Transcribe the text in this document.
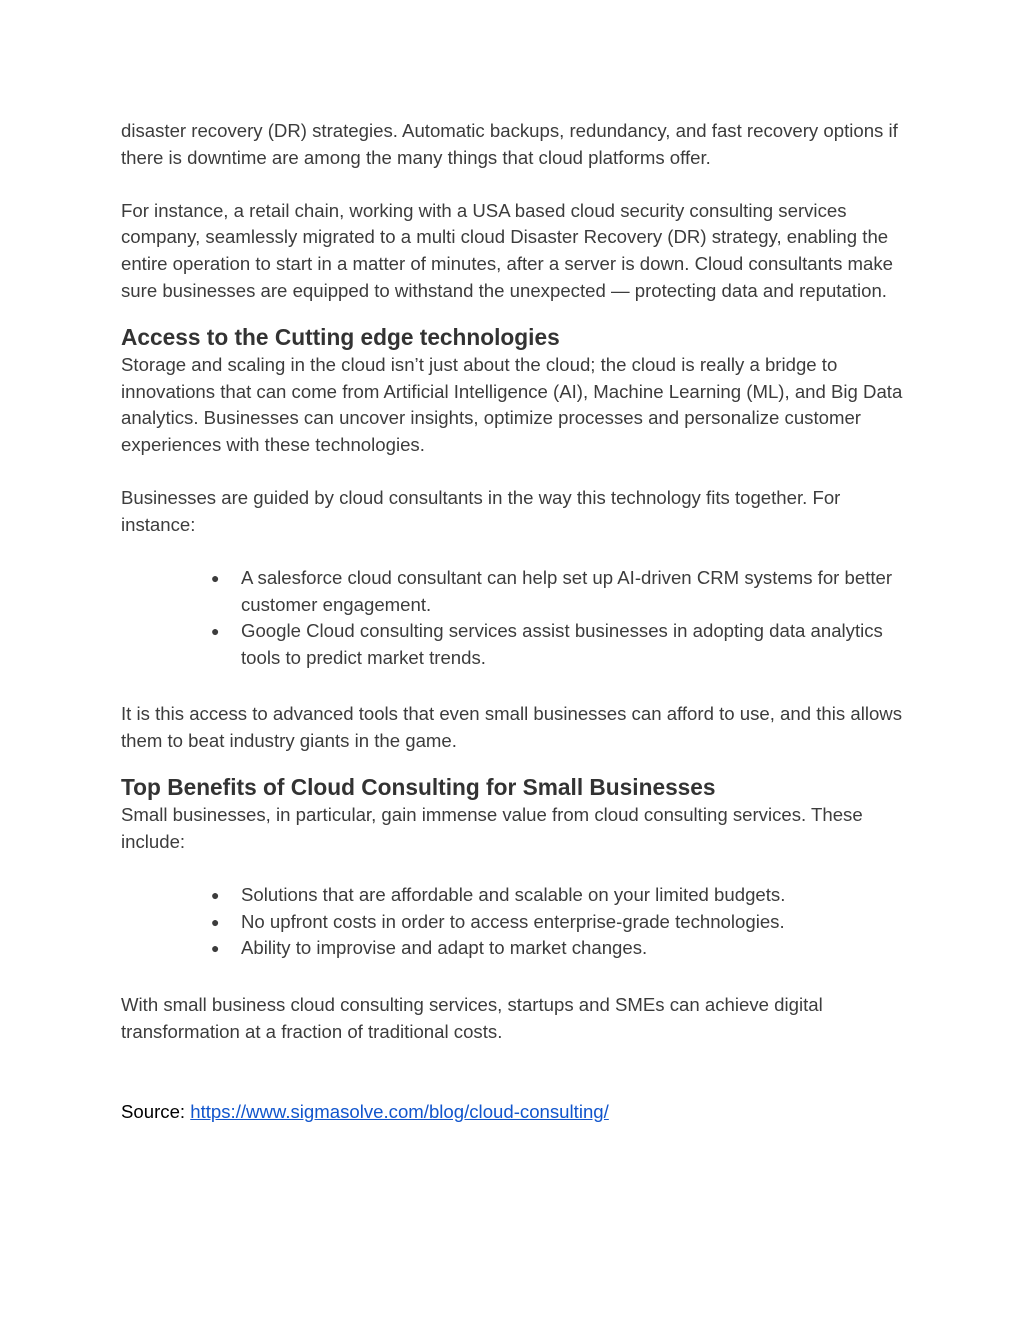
disaster recovery (DR) strategies. Automatic backups, redundancy, and fast recovery options if there is downtime are among the many things that cloud platforms offer.

For instance, a retail chain, working with a USA based cloud security consulting services company, seamlessly migrated to a multi cloud Disaster Recovery (DR) strategy, enabling the entire operation to start in a matter of minutes, after a server is down. Cloud consultants make sure businesses are equipped to withstand the unexpected — protecting data and reputation.

Access to the Cutting edge technologies

Storage and scaling in the cloud isn’t just about the cloud; the cloud is really a bridge to innovations that can come from Artificial Intelligence (AI), Machine Learning (ML), and Big Data analytics. Businesses can uncover insights, optimize processes and personalize customer experiences with these technologies.

Businesses are guided by cloud consultants in the way this technology fits together. For instance:

● A salesforce cloud consultant can help set up AI-driven CRM systems for better customer engagement.
● Google Cloud consulting services assist businesses in adopting data analytics tools to predict market trends.

It is this access to advanced tools that even small businesses can afford to use, and this allows them to beat industry giants in the game.

Top Benefits of Cloud Consulting for Small Businesses

Small businesses, in particular, gain immense value from cloud consulting services. These include:

● Solutions that are affordable and scalable on your limited budgets.
● No upfront costs in order to access enterprise-grade technologies.
● Ability to improvise and adapt to market changes.

With small business cloud consulting services, startups and SMEs can achieve digital transformation at a fraction of traditional costs.

Source: https://www.sigmasolve.com/blog/cloud-consulting/
